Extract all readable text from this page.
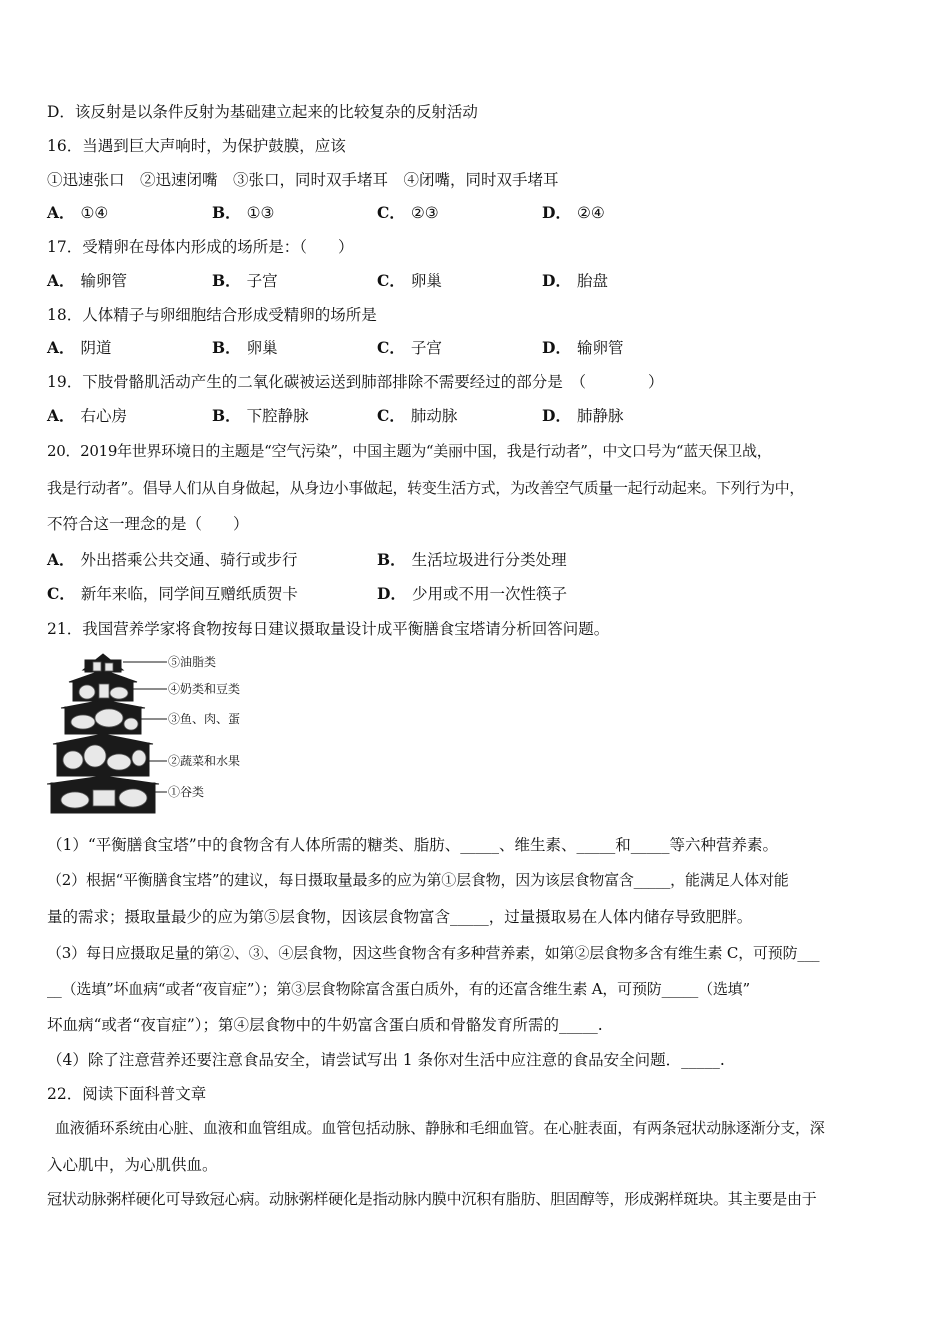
D．该反射是以条件反射为基础建立起来的比较复杂的反射活动
16．当遇到巨大声响时，为保护鼓膜，应该
①迅速张口　②迅速闭嘴　③张口，同时双手堵耳　④闭嘴，同时双手堵耳
A． ①④	B． ①③	C． ②③	D． ②④
17．受精卵在母体内形成的场所是：（　　）
A． 输卵管	B． 子宫	C． 卵巢	D． 胎盘
18．人体精子与卵细胞结合形成受精卵的场所是
A． 阴道	B． 卵巢	C． 子宫	D． 输卵管
19．下肢骨骼肌活动产生的二氧化碳被运送到肺部排除不需要经过的部分是　（　　　　）
A． 右心房	B． 下腔静脉	C． 肺动脉	D． 肺静脉
20．2019年世界环境日的主题是“空气污染”，中国主题为“美丽中国，我是行动者”，中文口号为“蓝天保卫战，
我是行动者”。倡导人们从自身做起，从身边小事做起，转变生活方式，为改善空气质量一起行动起来。下列行为中，
不符合这一理念的是（　　）
A． 外出搭乘公共交通、骑行或步行	B． 生活垃圾进行分类处理
C． 新年来临，同学间互赠纸质贺卡	D． 少用或不用一次性筷子
21．我国营养学家将食物按每日建议摄取量设计成平衡膳食宝塔请分析回答问题。
⑤油脂类
④奶类和豆类
③鱼、肉、蛋
②蔬菜和水果
①谷类
（1）“平衡膳食宝塔”中的食物含有人体所需的糖类、脂肪、_____、维生素、_____和_____等六种营养素。
（2）根据“平衡膳食宝塔”的建议，每日摄取量最多的应为第①层食物，因为该层食物富含_____，能满足人体对能
量的需求；摄取量最少的应为第⑤层食物，因该层食物富含_____，过量摄取易在人体内储存导致肥胖。
（3）每日应摄取足量的第②、③、④层食物，因这些食物含有多种营养素，如第②层食物多含有维生素 C，可预防___
__（选填”坏血病“或者“夜盲症”）；第③层食物除富含蛋白质外，有的还富含维生素 A，可预防_____（选填”
坏血病“或者“夜盲症”）；第④层食物中的牛奶富含蛋白质和骨骼发育所需的_____.
（4）除了注意营养还要注意食品安全，请尝试写出 1 条你对生活中应注意的食品安全问题．_____.
22．阅读下面科普文章
血液循环系统由心脏、血液和血管组成。血管包括动脉、静脉和毛细血管。在心脏表面，有两条冠状动脉逐渐分支，深
入心肌中，为心肌供血。
冠状动脉粥样硬化可导致冠心病。动脉粥样硬化是指动脉内膜中沉积有脂肪、胆固醇等，形成粥样斑块。其主要是由于
